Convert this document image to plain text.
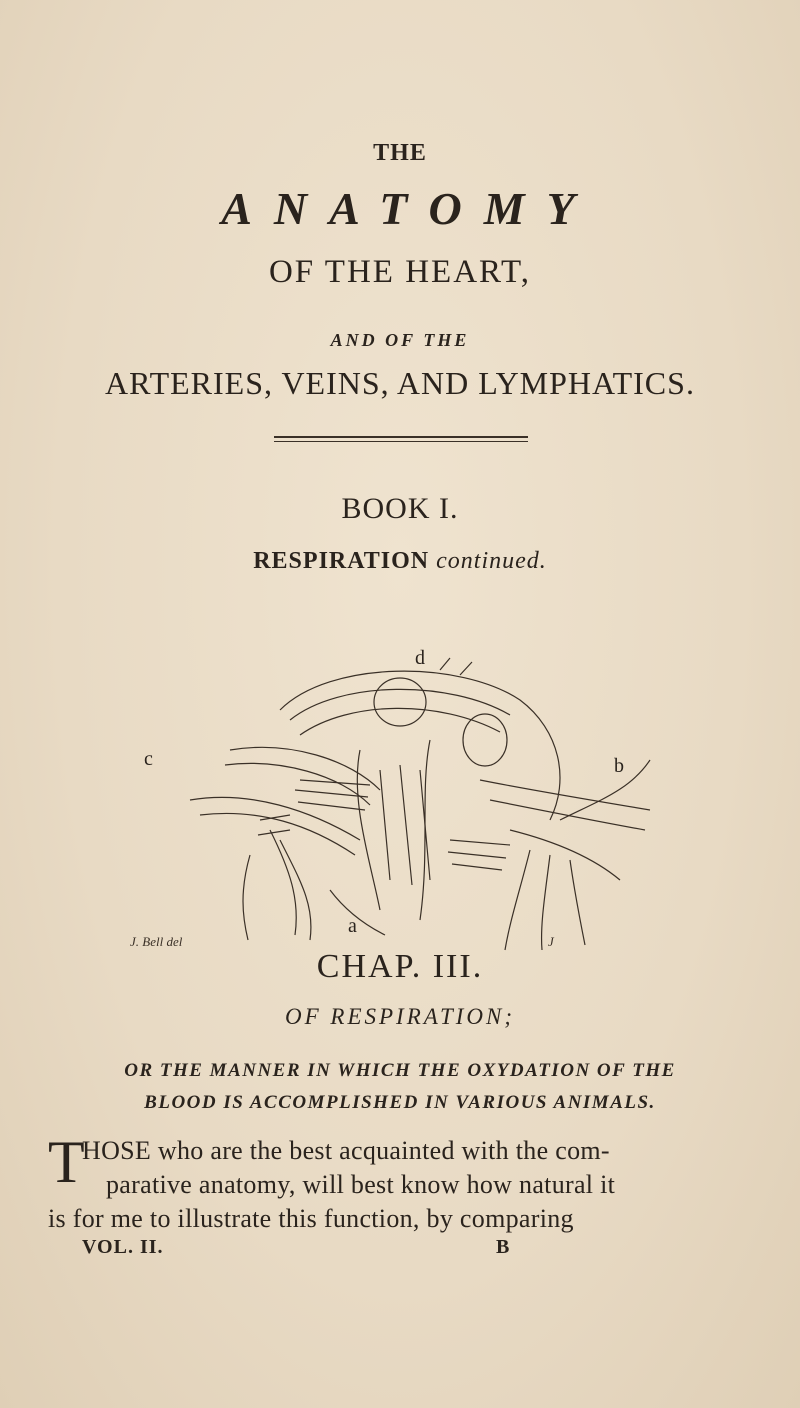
THE
ANATOMY
OF THE HEART,
AND OF THE
ARTERIES, VEINS, AND LYMPHATICS.
BOOK I.
RESPIRATION continued.
d
c	b
a
J. Bell del	J
CHAP. III.
OF RESPIRATION;
OR THE MANNER IN WHICH THE OXYDATION OF THE
BLOOD IS ACCOMPLISHED IN VARIOUS ANIMALS.
T
HOSE who are the best acquainted with the com-
parative anatomy, will best know how natural it
is for me to illustrate this function, by comparing
VOL. II.	B
